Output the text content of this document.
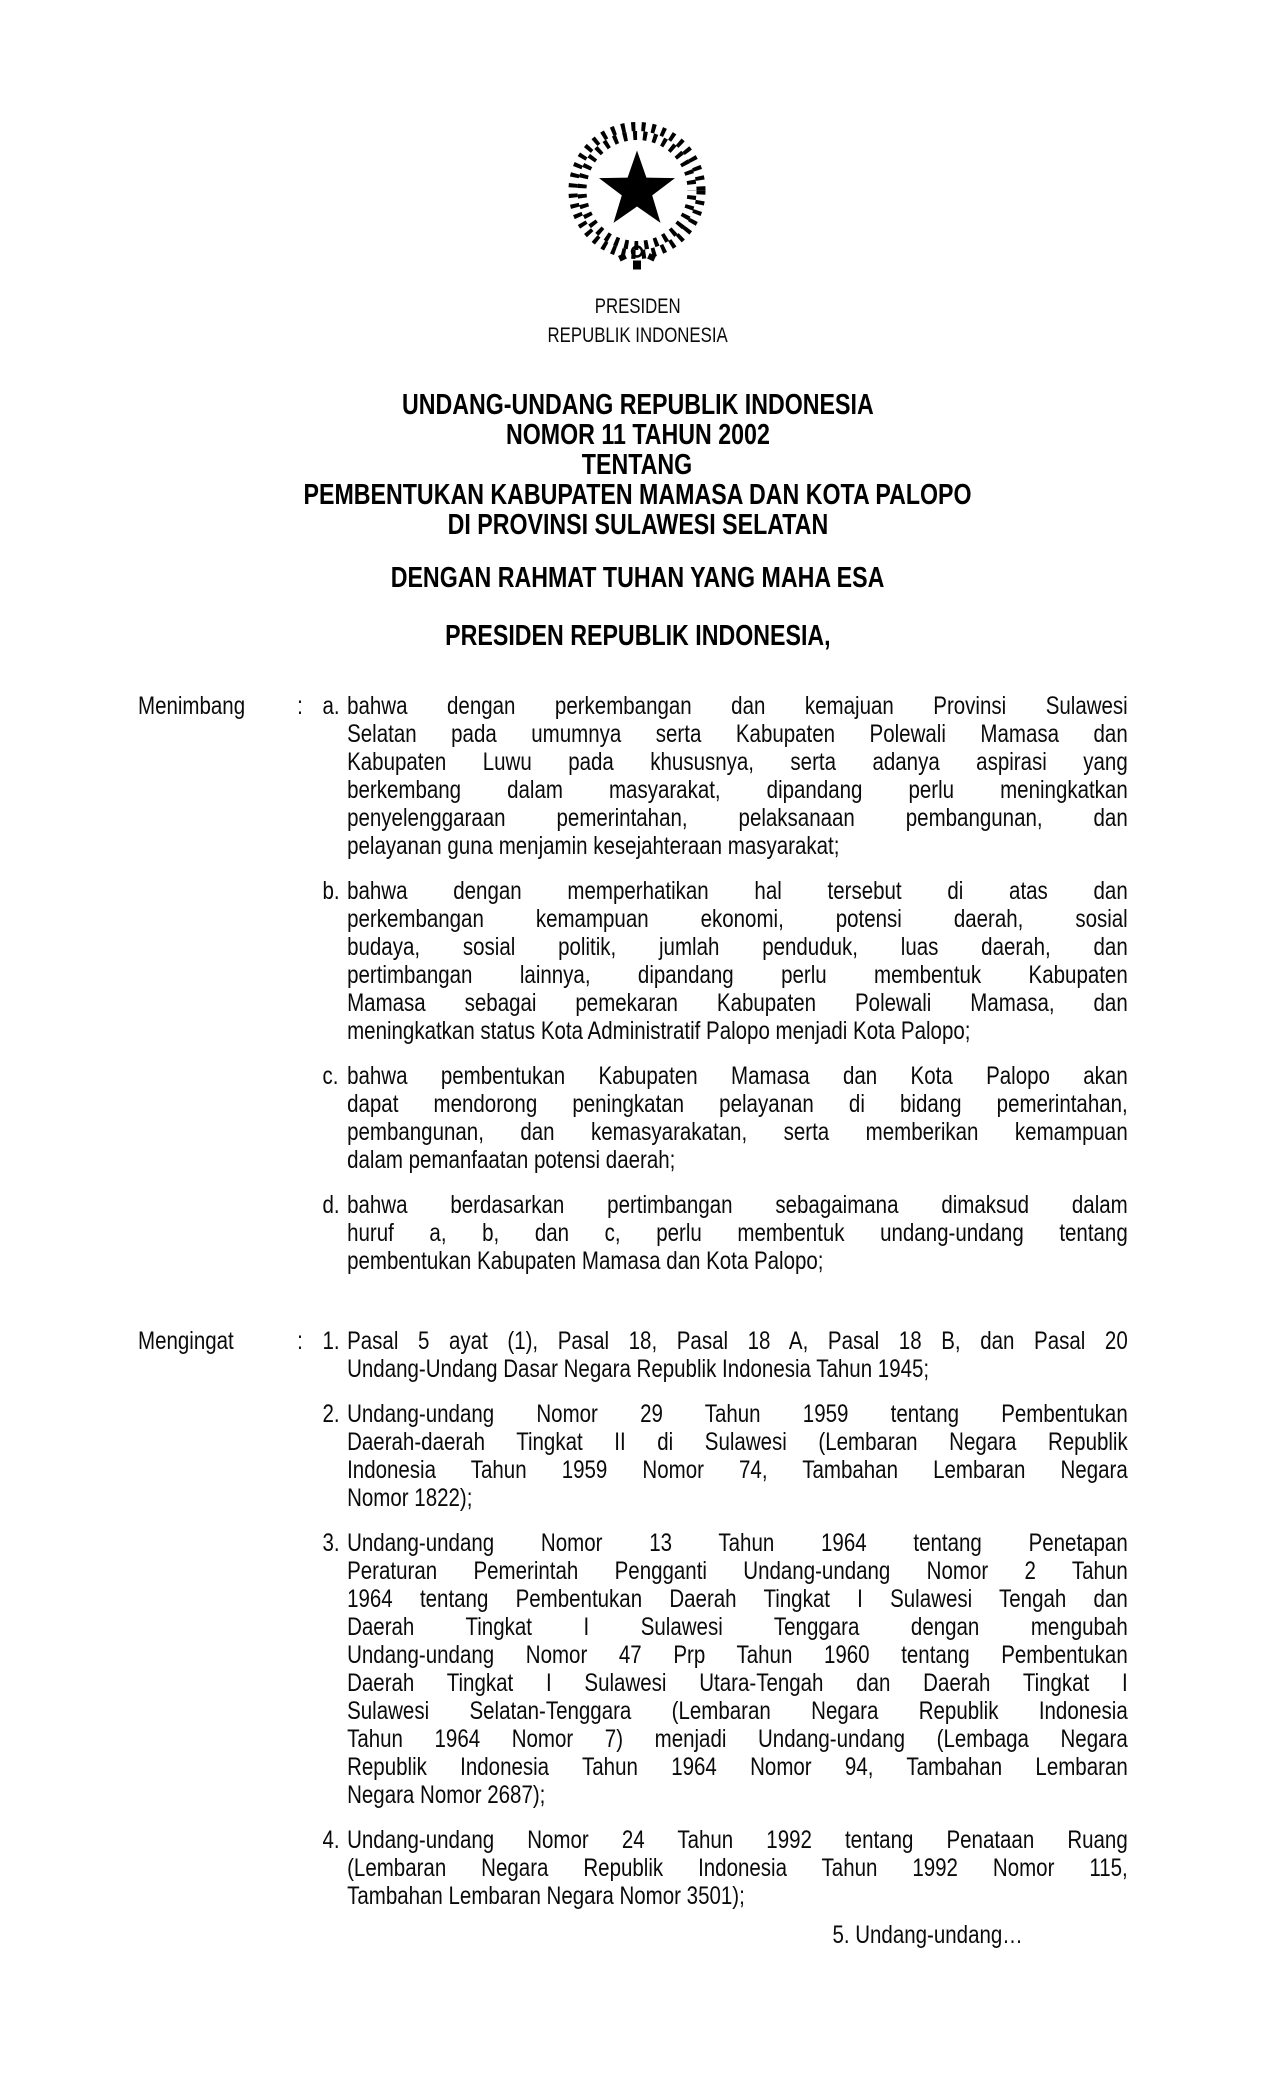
PRESIDEN
REPUBLIK INDONESIA
UNDANG-UNDANG REPUBLIK INDONESIA
NOMOR 11 TAHUN 2002
TENTANG
PEMBENTUKAN KABUPATEN MAMASA DAN KOTA PALOPO
DI PROVINSI SULAWESI SELATAN
DENGAN RAHMAT TUHAN YANG MAHA ESA
PRESIDEN REPUBLIK INDONESIA,
Menimbang	: a. bahwa dengan perkembangan dan kemajuan Provinsi Sulawesi
Selatan pada umumnya serta Kabupaten Polewali Mamasa dan
Kabupaten Luwu pada khususnya, serta adanya aspirasi yang
berkembang dalam masyarakat, dipandang perlu meningkatkan
penyelenggaraan pemerintahan, pelaksanaan pembangunan, dan
pelayanan guna menjamin kesejahteraan masyarakat;
b. bahwa dengan memperhatikan hal tersebut di atas dan
perkembangan kemampuan ekonomi, potensi daerah, sosial
budaya, sosial politik, jumlah penduduk, luas daerah, dan
pertimbangan lainnya, dipandang perlu membentuk Kabupaten
Mamasa sebagai pemekaran Kabupaten Polewali Mamasa, dan
meningkatkan status Kota Administratif Palopo menjadi Kota Palopo;
c. bahwa pembentukan Kabupaten Mamasa dan Kota Palopo akan
dapat mendorong peningkatan pelayanan di bidang pemerintahan,
pembangunan, dan kemasyarakatan, serta memberikan kemampuan
dalam pemanfaatan potensi daerah;
d. bahwa berdasarkan pertimbangan sebagaimana dimaksud dalam
huruf a, b, dan c, perlu membentuk undang-undang tentang
pembentukan Kabupaten Mamasa dan Kota Palopo;
Mengingat	: 1. Pasal 5 ayat (1), Pasal 18, Pasal 18 A, Pasal 18 B, dan Pasal 20
Undang-Undang Dasar Negara Republik Indonesia Tahun 1945;
2. Undang-undang Nomor 29 Tahun 1959 tentang Pembentukan
Daerah-daerah Tingkat II di Sulawesi (Lembaran Negara Republik
Indonesia Tahun 1959 Nomor 74, Tambahan Lembaran Negara
Nomor 1822);
3. Undang-undang Nomor 13 Tahun 1964 tentang Penetapan
Peraturan Pemerintah Pengganti Undang-undang Nomor 2 Tahun
1964 tentang Pembentukan Daerah Tingkat I Sulawesi Tengah dan
Daerah Tingkat I Sulawesi Tenggara dengan mengubah
Undang-undang Nomor 47 Prp Tahun 1960 tentang Pembentukan
Daerah Tingkat I Sulawesi Utara-Tengah dan Daerah Tingkat I
Sulawesi Selatan-Tenggara (Lembaran Negara Republik Indonesia
Tahun 1964 Nomor 7) menjadi Undang-undang (Lembaga Negara
Republik Indonesia Tahun 1964 Nomor 94, Tambahan Lembaran
Negara Nomor 2687);
4. Undang-undang Nomor 24 Tahun 1992 tentang Penataan Ruang
(Lembaran Negara Republik Indonesia Tahun 1992 Nomor 115,
Tambahan Lembaran Negara Nomor 3501);
5. Undang-undang…
